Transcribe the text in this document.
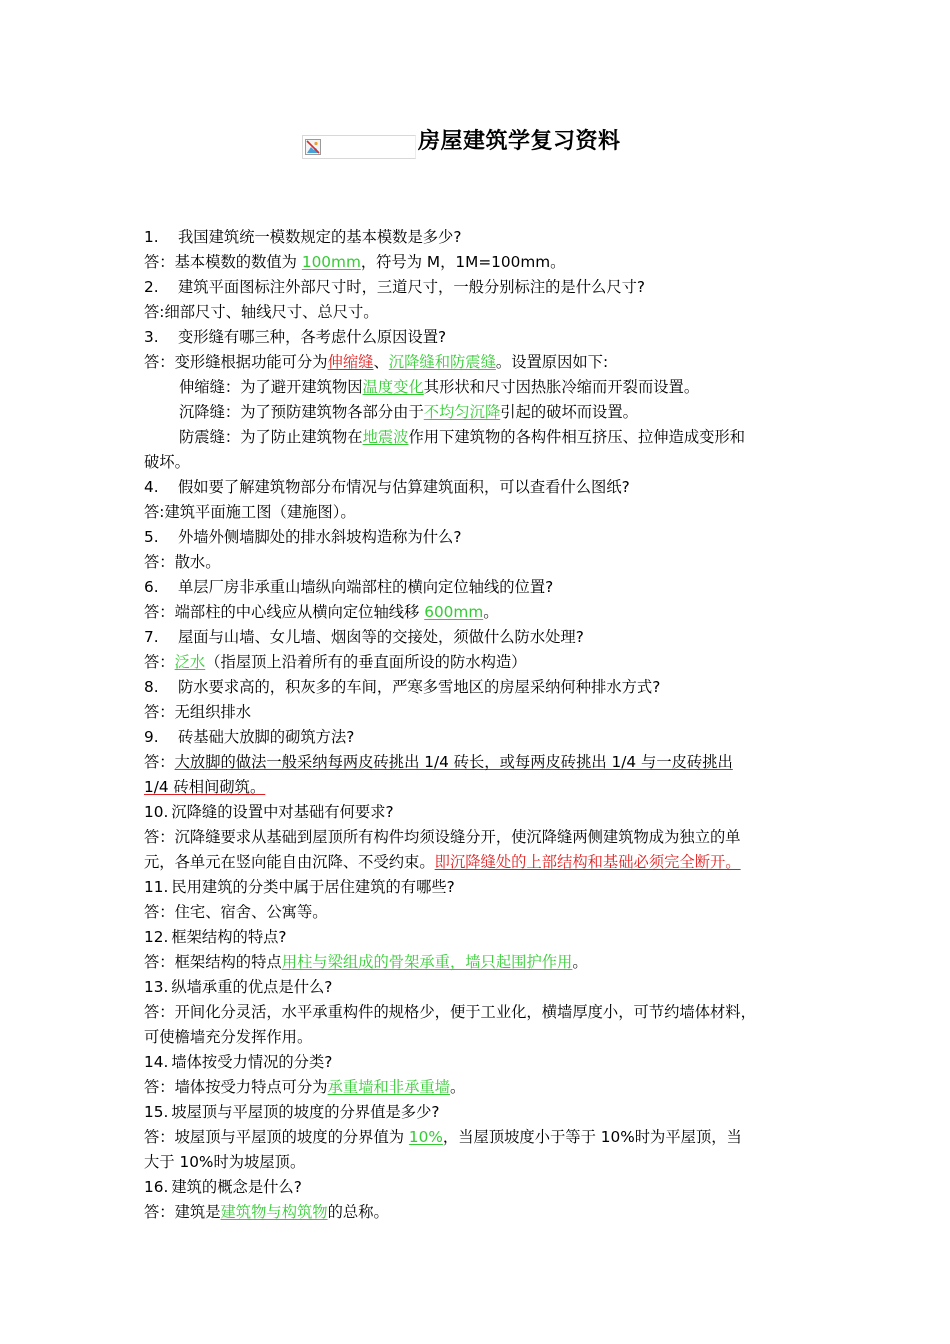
房屋建筑学复习资料
1. 我国建筑统一模数规定的基本模数是多少?
答：基本模数的数值为 100mm，符号为 M，1M=100mm。
2. 建筑平面图标注外部尺寸时，三道尺寸，一般分别标注的是什么尺寸?
答:细部尺寸、轴线尺寸、总尺寸。
3. 变形缝有哪三种，各考虑什么原因设置?
答：变形缝根据功能可分为伸缩缝、沉降缝和防震缝。设置原因如下:
伸缩缝：为了避开建筑物因温度变化其形状和尺寸因热胀冷缩而开裂而设置。
沉降缝：为了预防建筑物各部分由于不均匀沉降引起的破坏而设置。
防震缝：为了防止建筑物在地震波作用下建筑物的各构件相互挤压、拉伸造成变形和
破坏。
4. 假如要了解建筑物部分布情况与估算建筑面积，可以查看什么图纸?
答:建筑平面施工图（建施图）。
5. 外墙外侧墙脚处的排水斜坡构造称为什么?
答：散水。
6. 单层厂房非承重山墙纵向端部柱的横向定位轴线的位置?
答：端部柱的中心线应从横向定位轴线移 600mm。
7. 屋面与山墙、女儿墙、烟囱等的交接处，须做什么防水处理?
答：泛水（指屋顶上沿着所有的垂直面所设的防水构造）
8. 防水要求高的，积灰多的车间，严寒多雪地区的房屋采纳何种排水方式?
答：无组织排水
9. 砖基础大放脚的砌筑方法?
答：大放脚的做法一般采纳每两皮砖挑出 1/4 砖长，或每两皮砖挑出 1/4 与一皮砖挑出
1/4 砖相间砌筑。
10. 沉降缝的设置中对基础有何要求?
答：沉降缝要求从基础到屋顶所有构件均须设缝分开，使沉降缝两侧建筑物成为独立的单
元，各单元在竖向能自由沉降、不受约束。即沉降缝处的上部结构和基础必须完全断开。
11. 民用建筑的分类中属于居住建筑的有哪些?
答：住宅、宿舍、公寓等。
12. 框架结构的特点?
答：框架结构的特点用柱与梁组成的骨架承重，墙只起围护作用。
13. 纵墙承重的优点是什么?
答：开间化分灵活，水平承重构件的规格少，便于工业化，横墙厚度小，可节约墙体材料，
可使檐墙充分发挥作用。
14. 墙体按受力情况的分类?
答：墙体按受力特点可分为承重墙和非承重墙。
15. 坡屋顶与平屋顶的坡度的分界值是多少?
答：坡屋顶与平屋顶的坡度的分界值为 10%，当屋顶坡度小于等于 10%时为平屋顶，当
大于 10%时为坡屋顶。
16. 建筑的概念是什么?
答：建筑是建筑物与构筑物的总称。
